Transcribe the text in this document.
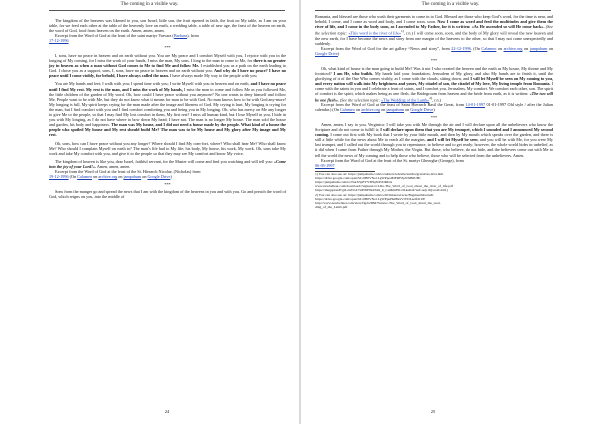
The coming in a visible way.

The kingdom of the heavens was likened to you, son Israel, little son, the fruit ripened in faith, the fruit on My table, as I am on your table, for we feed each other at the table of the heavenly love on earth, a wedding table, a table of new age, the feast of the heaven on earth, the word of God, food from heaven on the earth. Amen, amen, amen.

Excerpt from the Word of God at the feast of the saint martyr Varvara (Barbara), from
17-12-1996

***

I, sons, have no peace in heaven and on earth without you. You are My peace and I comfort Myself with you, I rejoice with you in the longing of My coming, for I miss the work of your hands, I miss the man, My sons. I long to the man to come to Me, for there is no greater joy in heaven as when a man without God comes to Me to find Me and follow Me. I established you as a path on the earth leading to God. I chose you as a support, sons, I, sons, have no peace in heaven and on earth without you. And why do I have no peace? I have no peace until I come visibly, for behold, I have always called the man. I have always made My way to the people with you.

You are My hands and feet; I walk with you; I spend time with you; I write Myself with you in heaven and on earth, and I have no peace until I find My rest. My rest is the man, and I miss the work of My hands, I miss the man to come and follow Me as you followed Me, the little children of the garden of My word. Oh, how could I have peace without you anymore? No one wants to deny himself and follow Me. People want to be with Me, but they do not know what it means for man to be with God. No man knows how to be with God any-more! My longing is full, My spirit keeps crying for the man made after the image and likeness of God. My crying is hurt, My longing is crying for the man, but I find comfort with you and I find comfort comforting you and being you in My longing. Oh, who has mercy on Me any longer to give Me to the people, so that I may find My lost comfort in them, My first rest? I miss all human kind, but I lose Myself in you, I hide in you with My longing, as I do not have where to bow down My head; I have not. The man is no longer My house. The man sold the house and garden, his body and happiness. The man was My house, and I did not need a house made by the people. What kind of a house the people who spoiled My house and My rest should build Me? The man was to be My house and My glory after My image and My rest.

Oh, sons, how can I have peace without you any longer? Where should I find My com-fort, where? Who shall hear Me? Who shall know Me? Who should I complain Myself on earth to? The man’s life had to My life; his body, My house, his work, My work. Oh, sons take My work and take My comfort with you, and give it to the people so that they may see My comfort and know My voice.

The kingdom of heaven is like you, dear Israel, faithful servant, for the Master will come and find you watching and will tell you: «Come into the joy of your Lord!». Amen, amen, amen.

Excerpt from the Word of God at the feast of the St. Hierarch Nicolae, (Nicholas) from
19-12-1996 (On Calameo on archive.org on jampahum on Google Drive)

***

Sons from the manger go and spread the news that I am with the kingdom of the heavens in you and with you. Go and preach the word of God, which reigns on you, into the middle of

24
The coming in a visible way.

Romania, and blessed are those who wash their garments to come in to God. Blessed are those who keep God’s word, for the time is near, and behold, I come, and I come as word and body, and I come soon, soon. Now I come as word and feed the multitudes and give them the river of life, and I come in the body soon, as I ascended to My Father, for it is written: «As He ascended so will He come back». (See the selection topic: «This word is the river of life»$^{1)}$, r.n.) I will come soon, soon, and the body of My glory will reveal the new heaven and the new earth, for I have become the news and story from one margin of the heavens to the other, so that I may not come unexpectedly and suddenly.

Excerpt from the Word of God for the art gallery “News and story”, from 22-12-1996. (On Calameo on archive.org on jampahum on Google Drive)

***

Oh, what kind of house is the man going to build Me? Was it not I who created the heaven and the earth as My house, My throne and My footstool? I am He, who builds. My hands laid your foundation, Jerusalem of My glory, and also My hands are to finish it, until the glorifying of it of the One Who comes visibly, as I come with the clouds, sitting down, and I will let Myself be seen on My coming to you, and every nation will walk into My brightness and yours, My citadel of son, the citadel of My love, My living temple from Romania. I come with the saints in you and I celebrate a feast of saints, and I comfort you, Jerusalem, My comfort. We comfort each other, son. The spirit of comfort is the spirit, which makes being as one flesh, the Bridegroom from heaven and the bride from earth, as it is written: «The two will be one flesh». (See the selection topic: «The Wedding of the Lamb»$^{2)}$, r.n.)

Excerpt from the Word of God at the feast of Saint Hierarch Basil the Great, from 14-01-1997 01-01-1997 Old style / after the Julian calendar.) (On Calameo on archive.org on jampahum on Google Drive)

***

Amen, amen, I say to you, Verginica: I will take you with Me through the air and I will declare upon all the unbelievers who know the Scripture and do not come to fulfill it; I will declare upon them that you are My trumpet, which I sounded and I announced My second coming. I come out first with My book that I wrote by your little mouth, and then by My mouth which speaks over the garden, and there is still a little while for the news about Me to reach all the margins, and I will let Myself be seen, and you will be with Me, for you were My last trumpet, and I called out the world through you to repentance, to believe and to get ready; however, the whole world hides in unbelief, as it did when I came from Father through My Mother, the Virgin. But those, who believe, do not hide, and the believers come out with Me to tell the world the news of My coming and to help those who believe, those who will be selected from the unbelievers. Amen.

Excerpt from the Word of God at the feast of the St. martyr Gheorghe (George), from
06-05-1997

1) You can also see on: https://jampahum.com/ro/subiect/teh/alle/anicha/grand/res-9cra.htm
https://drive.google.com/open?id=0B0VNo1LgWPpedEtFRFZpNXB0UHc
https://jampahum.com/ro/NAX5pFYY3HqZtPvDRDA
www.newbelleer.com/download/?signaux=CI-Re-The_Word_of_God_about_the_river_of_life.pdf
https://mugspian/P/giL2aZUA7xtE8JF6kZbx6_6_CaMmtHC2tLkaKO?usf=ae(t18)/ceall=b01)
2) You can also see on: https://jampahum.com/ro/20/mirarea/recar/Bagmeatlabetrulb
https://drive.google.com/open?id=0B0VNo1LgWPpeHuIBzxVlVDLzelfd1UE
http://www.newbelleer.com/view/fig2w6B47Sutew/-The_Word_of_God_about_the_wed-
ding_of_the_Lamb.pdf
25
